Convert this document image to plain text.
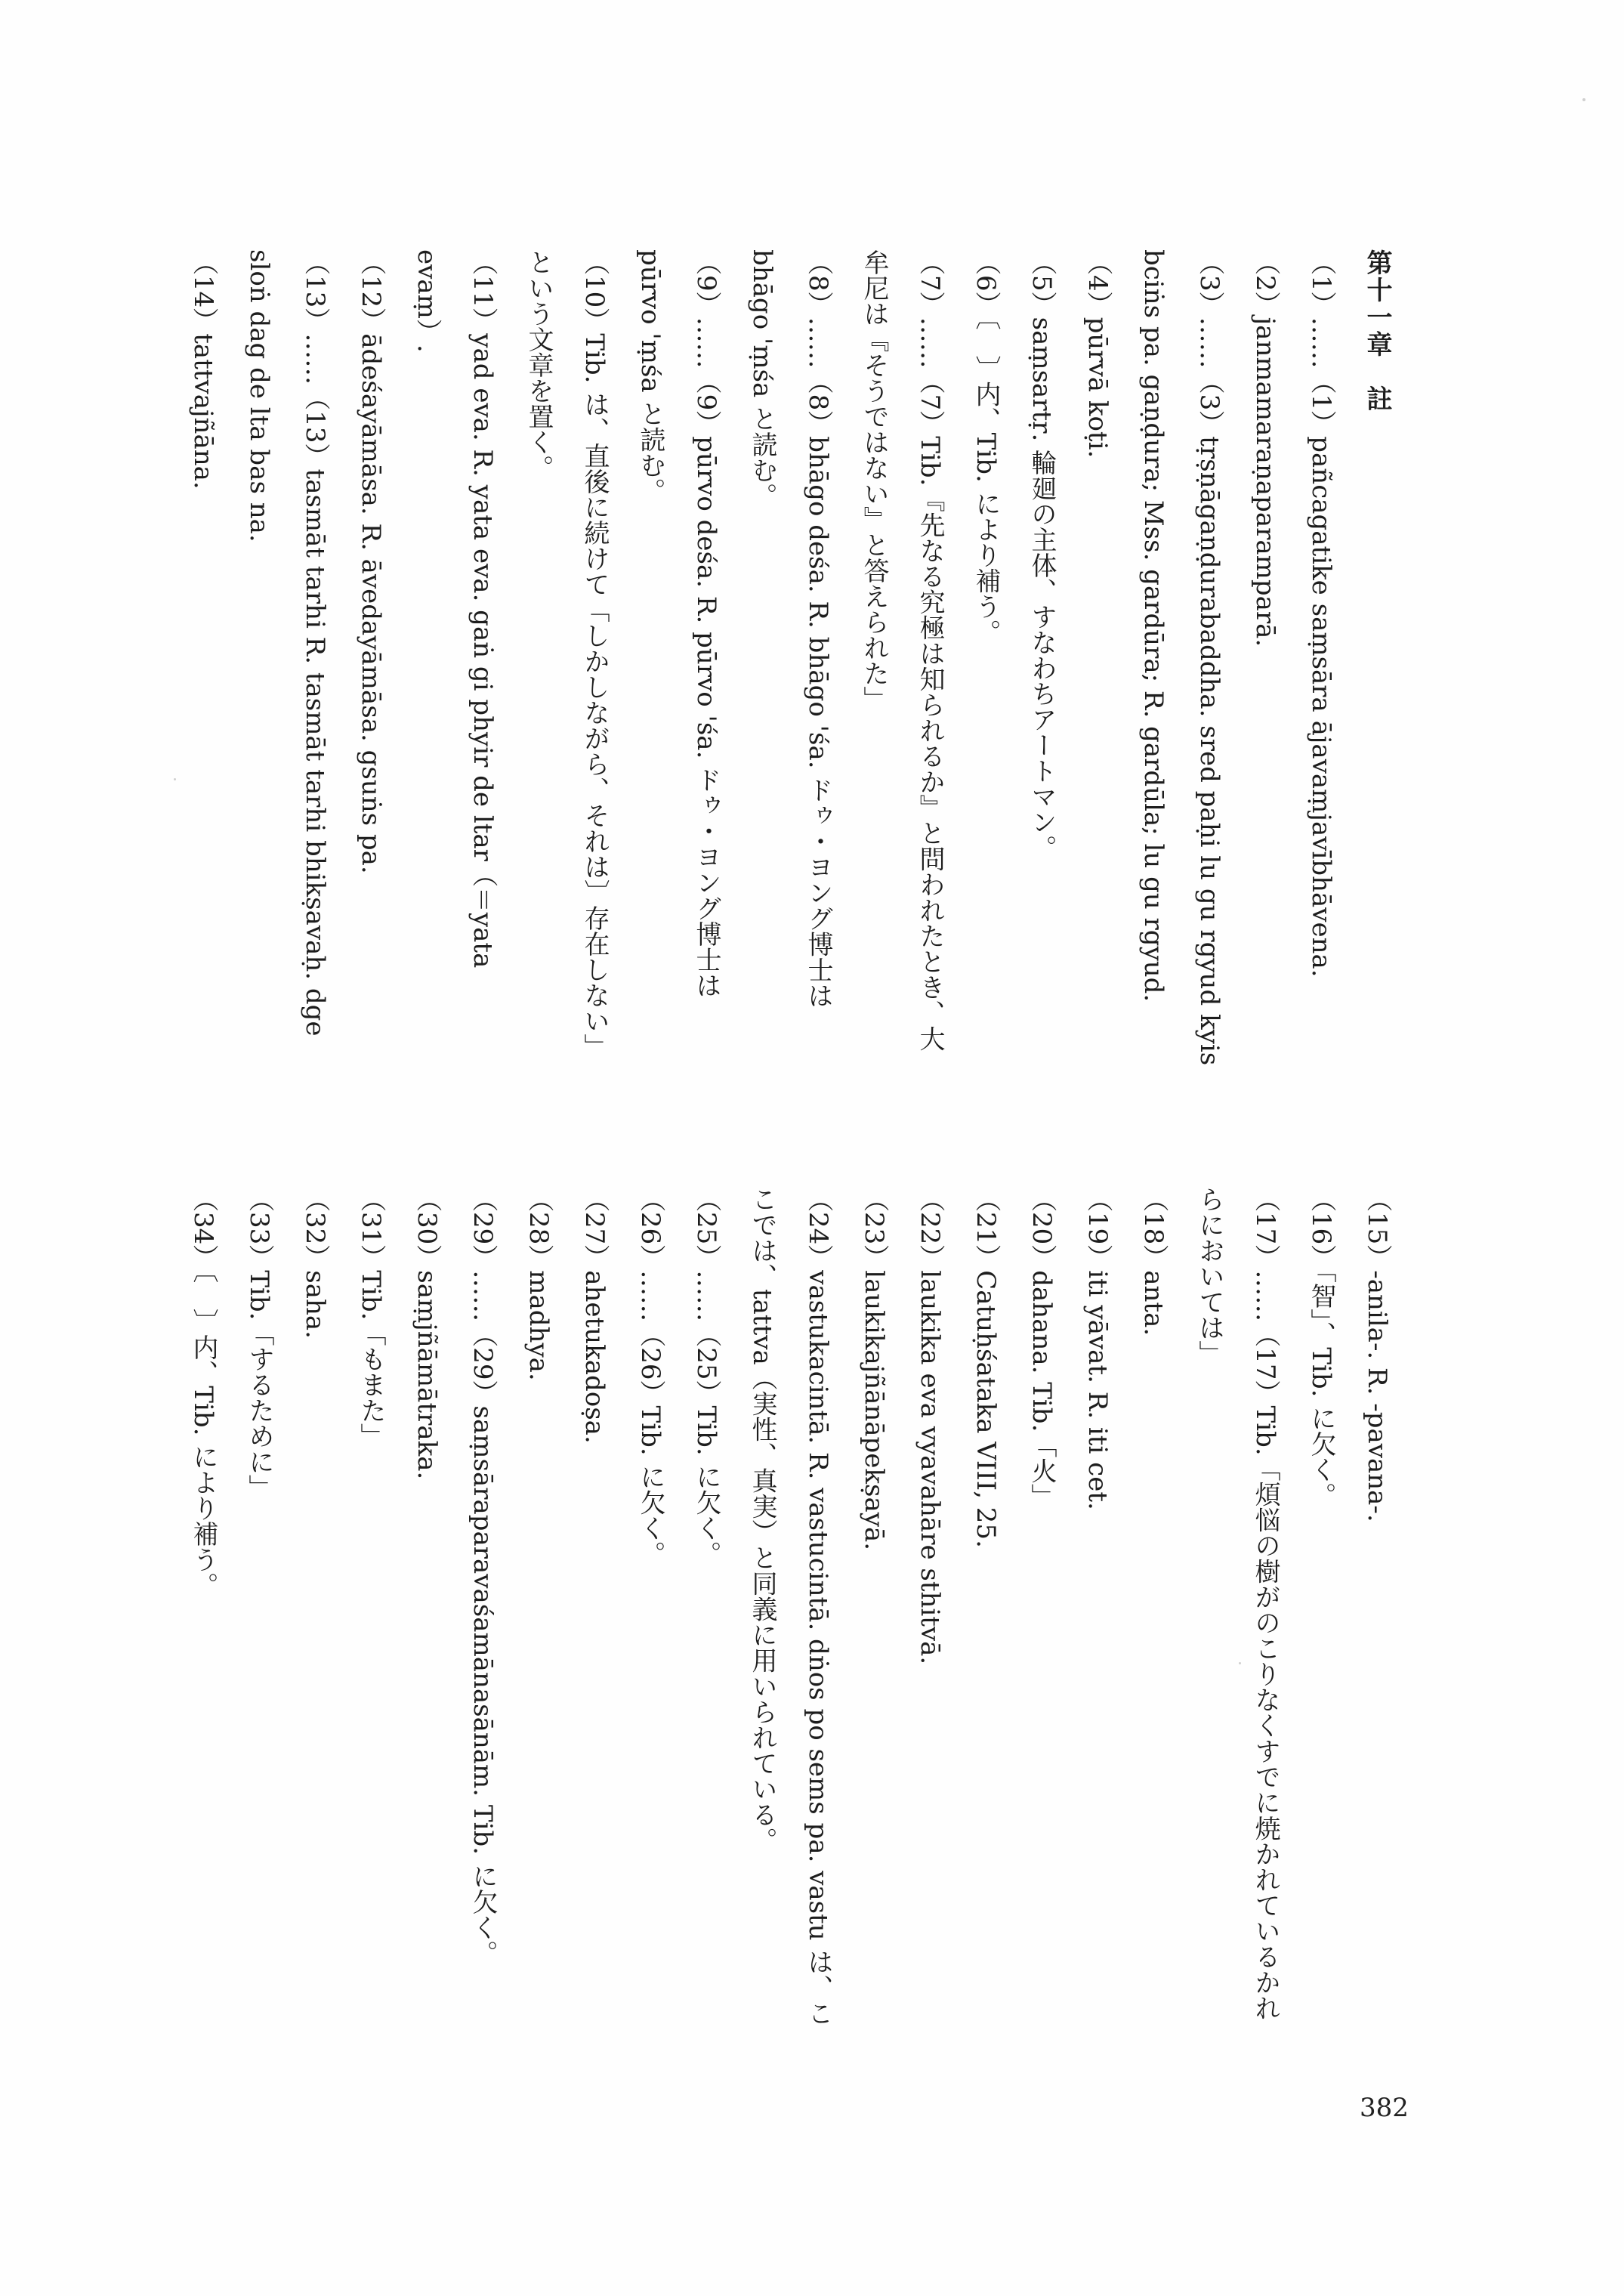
第十一章　註
（1）……（1）pañcagatike saṃsāra ājavaṃjavībhāvena.
（2）janmamaraṇaparamparā.
（3）……（3）tṛṣṇāgaṇḍurabaddha. sred paḥi lu gu rgyud kyis bciṅs pa. gaṇḍura; Mss. gardūra; R. gardūla; lu gu rgyud.
（4）pūrvā koṭi.
（5）saṃsartṛ. 輪廻の主体、すなわちアートマン。
（6）〔　〕内、Tib. により補う。
（7）……（7）Tib.『先なる究極は知られるか』と問われたとき、大牟尼は『そうではない』と答えられた」
（8）……（8）bhāgo deśa. R. bhāgo 'śa. ドゥ・ヨング博士は bhāgo 'ṃśa と読む。
（9）……（9）pūrvo deśa. R. pūrvo 'śa. ドゥ・ヨング博士は pūrvo 'ṃśa と読む。
（10）Tib. は、直後に続けて「しかしながら、それは〕存在しない」という文章を置く。
（11）yad eva. R. yata eva. gaṅ gi phyir de ltar（＝yata evaṃ）.
（12）ādeśayāmāsa. R. āvedayāmāsa. gsuṅs pa.
（13）……（13）tasmāt tarhi R. tasmāt tarhi bhikṣavaḥ. dge sloṅ dag de lta bas na.
（14）tattvajñāna.
（15）-anila-. R. -pavana-.
（16）「智」、Tib. に欠く。
（17）……（17）Tib.「煩悩の樹がのこりなくすでに焼かれているかれらにおいては」
（18）anta.
（19）iti yāvat. R. iti cet.
（20）dahana. Tib.「火」
（21）Catuḥśataka VIII, 25.
（22）laukika eva vyavahāre sthitvā.
（23）laukikajñānāpekṣayā.
（24）vastukacintā. R. vastucintā. dṅos po sems pa. vastu は、ここでは、tattva（実性、真実）と同義に用いられている。
（25）……（25）Tib. に欠く。
（26）……（26）Tib. に欠く。
（27）ahetukadoṣa.
（28）madhya.
（29）……（29）saṃsāraparavaśamānasānām. Tib. に欠く。
（30）saṃjñāmātraka.
（31）Tib.「もまた」
（32）saha.
（33）Tib.「するために」
（34）〔　〕内、Tib. により補う。
382
